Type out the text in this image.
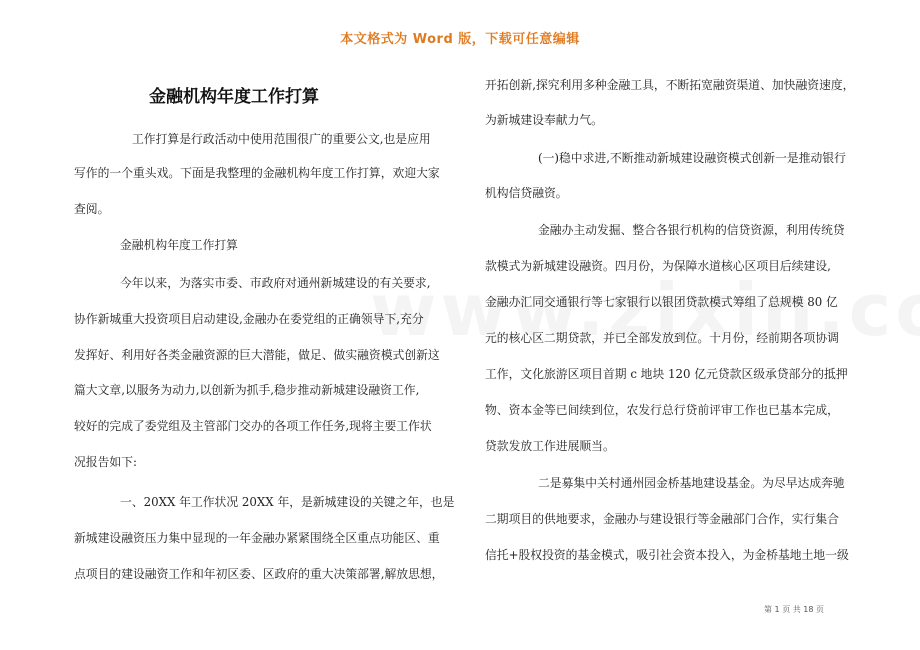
本文格式为 Word 版，下载可任意编辑
金融机构年度工作打算
工作打算是行政活动中使用范围很广的重要公文,也是应用
写作的一个重头戏。下面是我整理的金融机构年度工作打算，欢迎大家
查阅。
金融机构年度工作打算
今年以来，为落实市委、市政府对通州新城建设的有关要求,
协作新城重大投资项目启动建设,金融办在委党组的正确领导下,充分
发挥好、利用好各类金融资源的巨大潜能，做足、做实融资模式创新这
篇大文章,以服务为动力,以创新为抓手,稳步推动新城建设融资工作,
较好的完成了委党组及主管部门交办的各项工作任务,现将主要工作状
况报告如下:
一、20XX 年工作状况 20XX 年，是新城建设的关键之年，也是
新城建设融资压力集中显现的一年金融办紧紧围绕全区重点功能区、重
点项目的建设融资工作和年初区委、区政府的重大决策部署,解放思想，
开拓创新,探究利用多种金融工具，不断拓宽融资渠道、加快融资速度，
为新城建设奉献力气。
(一)稳中求进,不断推动新城建设融资模式创新一是推动银行
机构信贷融资。
金融办主动发掘、整合各银行机构的信贷资源，利用传统贷
款模式为新城建设融资。四月份，为保障水道核心区项目后续建设,
金融办汇同交通银行等七家银行以银团贷款模式筹组了总规模 80 亿
元的核心区二期贷款，并已全部发放到位。十月份，经前期各项协调
工作，文化旅游区项目首期 c 地块 120 亿元贷款区级承贷部分的抵押
物、资本金等已间续到位，农发行总行贷前评审工作也已基本完成，
贷款发放工作进展顺当。
二是募集中关村通州园金桥基地建设基金。为尽早达成奔驰
二期项目的供地要求，金融办与建设银行等金融部门合作，实行集合
信托+股权投资的基金模式，吸引社会资本投入，为金桥基地土地一级
第 1 页 共 18 页
